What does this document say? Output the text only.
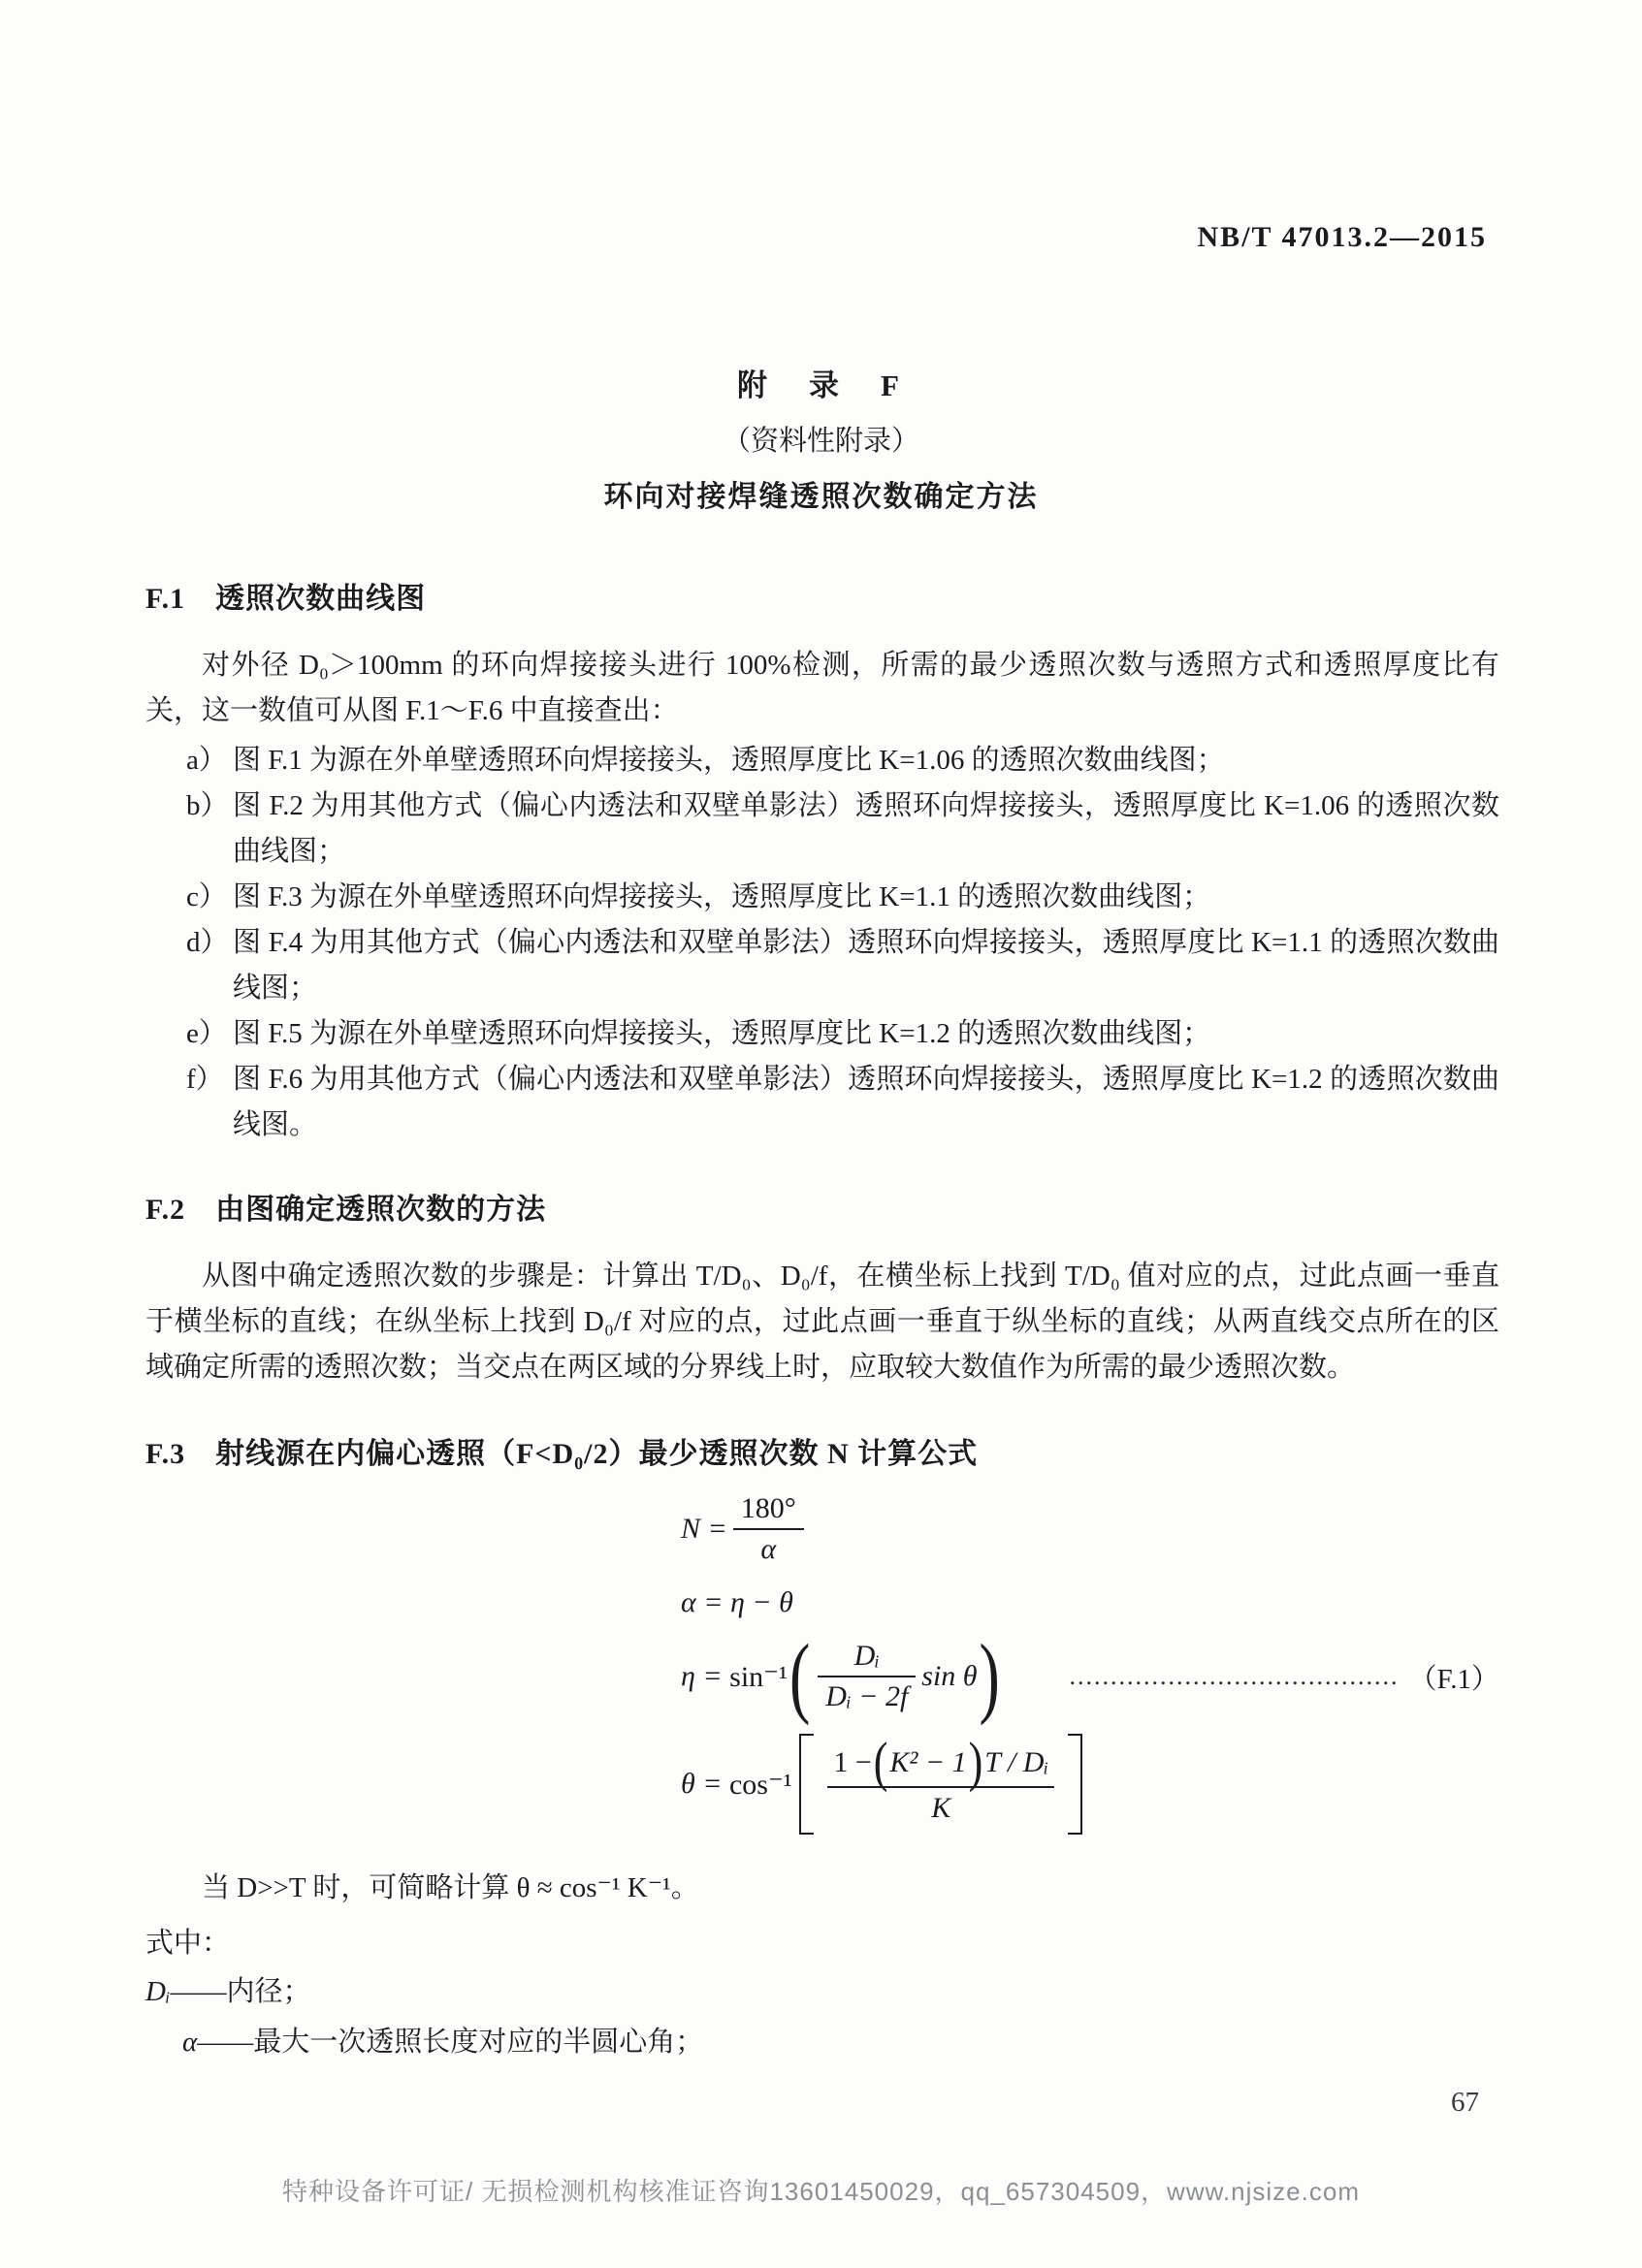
NB/T 47013.2—2015
附　录　F
（资料性附录）
环向对接焊缝透照次数确定方法
F.1　透照次数曲线图

对外径 D₀＞100mm 的环向焊接接头进行 100%检测，所需的最少透照次数与透照方式和透照厚度比有关，这一数值可从图 F.1～F.6 中直接查出：

a） 图 F.1 为源在外单壁透照环向焊接接头，透照厚度比 K=1.06 的透照次数曲线图；
b） 图 F.2 为用其他方式（偏心内透法和双壁单影法）透照环向焊接接头，透照厚度比 K=1.06 的透照次数曲线图；
c） 图 F.3 为源在外单壁透照环向焊接接头，透照厚度比 K=1.1 的透照次数曲线图；
d） 图 F.4 为用其他方式（偏心内透法和双壁单影法）透照环向焊接接头，透照厚度比 K=1.1 的透照次数曲线图；
e） 图 F.5 为源在外单壁透照环向焊接接头，透照厚度比 K=1.2 的透照次数曲线图；
f） 图 F.6 为用其他方式（偏心内透法和双壁单影法）透照环向焊接接头，透照厚度比 K=1.2 的透照次数曲线图。
F.2　由图确定透照次数的方法

从图中确定透照次数的步骤是：计算出 T/D₀、D₀/f，在横坐标上找到 T/D₀ 值对应的点，过此点画一垂直于横坐标的直线；在纵坐标上找到 D₀/f 对应的点，过此点画一垂直于纵坐标的直线；从两直线交点所在的区域确定所需的透照次数；当交点在两区域的分界线上时，应取较大数值作为所需的最少透照次数。

F.3　射线源在内偏心透照（F<D₀/2）最少透照次数 N 计算公式
$N = \frac{180^\circ}{\alpha}$
α = η − θ
η =
sin⁻¹ ( $\frac{\text{Dᵢ}}{\text{Dᵢ − 2f}}$ sin θ )	........................................ （F.1）
θ =
cos⁻¹

1 − ( K² − 1 ) T / Dᵢ
K

当 D>>T 时，可简略计算 θ ≈ cos⁻¹ K⁻¹。

式中：

Dᵢ —— 内径；
α —— 最大一次透照长度对应的半圆心角；
67
特种设备许可证/ 无损检测机构核准证咨询13601450029，qq_657304509，www.njsize.com
